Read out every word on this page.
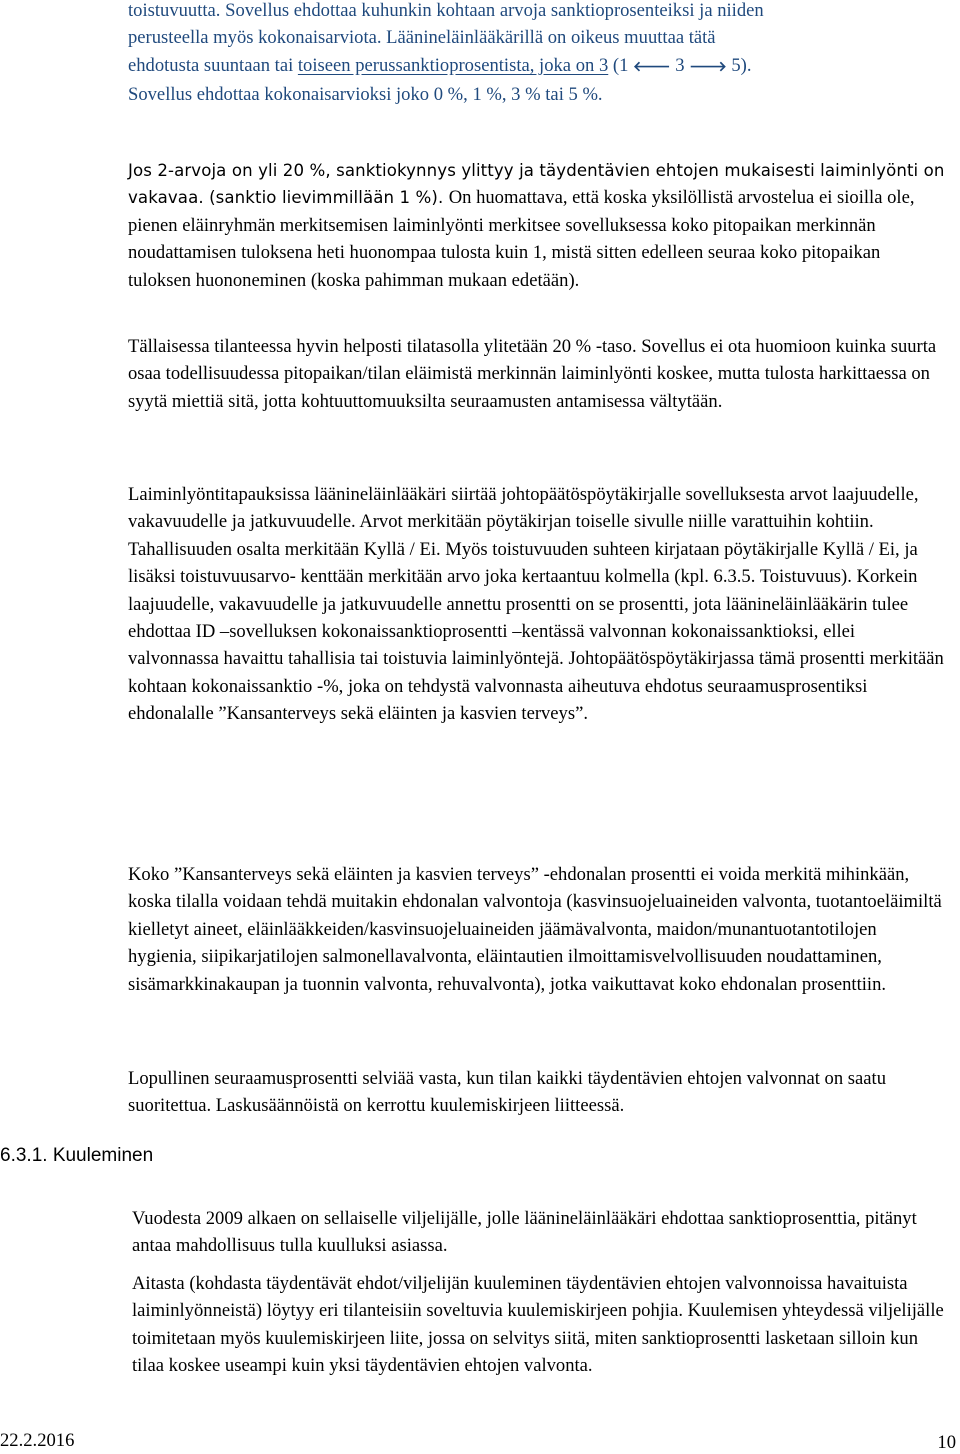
toistuvuutta. Sovellus ehdottaa kuhunkin kohtaan arvoja sanktioprosenteiksi ja niiden

perusteella myös kokonaisarviota. Läänineläinlääkärillä on oikeus muuttaa tätä

ehdotusta suuntaan tai toiseen perussanktioprosentista, joka on 3 (1 🡐 3 🡒 5).

Sovellus ehdottaa kokonaisarvioksi joko 0 %, 1 %, 3 % tai 5 %.

Jos 2-arvoja on yli 20 %, sanktiokynnys ylittyy ja täydentävien ehtojen mukaisesti laiminlyönti on vakavaa. (sanktio lievimmillään 1 %). On huomattava, että koska yksilöllistä arvostelua ei sioilla ole, pienen eläinryhmän merkitsemisen laiminlyönti merkitsee sovelluksessa koko pitopaikan merkinnän noudattamisen tuloksena heti huonompaa tulosta kuin 1, mistä sitten edelleen seuraa koko pitopaikan tuloksen huononeminen (koska pahimman mukaan edetään).

Tällaisessa tilanteessa hyvin helposti tilatasolla ylitetään 20 % -taso. Sovellus ei ota huomioon kuinka suurta osaa todellisuudessa pitopaikan/tilan eläimistä merkinnän laiminlyönti koskee, mutta tulosta harkittaessa on syytä miettiä sitä, jotta kohtuuttomuuksilta seuraamusten antamisessa vältytään.

Laiminlyöntitapauksissa läänineläinlääkäri siirtää johtopäätöspöytäkirjalle sovelluksesta arvot laajuudelle, vakavuudelle ja jatkuvuudelle. Arvot merkitään pöytäkirjan toiselle sivulle niille varattuihin kohtiin. Tahallisuuden osalta merkitään Kyllä / Ei. Myös toistuvuuden suhteen kirjataan pöytäkirjalle Kyllä / Ei, ja lisäksi toistuvuusarvo- kenttään merkitään arvo joka kertaantuu kolmella (kpl. 6.3.5. Toistuvuus). Korkein laajuudelle, vakavuudelle ja jatkuvuudelle annettu prosentti on se prosentti, jota läänineläinlääkärin tulee ehdottaa ID –sovelluksen kokonaissanktioprosentti –kentässä valvonnan kokonaissanktioksi, ellei valvonnassa havaittu tahallisia tai toistuvia laiminlyöntejä. Johtopäätöspöytäkirjassa tämä prosentti merkitään kohtaan kokonaissanktio -%, joka on tehdystä valvonnasta aiheutuva ehdotus seuraamusprosentiksi ehdonalalle ”Kansanterveys sekä eläinten ja kasvien terveys”.

Koko ”Kansanterveys sekä eläinten ja kasvien terveys” -ehdonalan prosentti ei voida merkitä mihinkään, koska tilalla voidaan tehdä muitakin ehdonalan valvontoja (kasvinsuojeluaineiden valvonta, tuotantoeläimiltä kielletyt aineet, eläinlääkkeiden/kasvinsuojeluaineiden jäämävalvonta, maidon/munantuotantotilojen hygienia, siipikarjatilojen salmonellavalvonta, eläintautien ilmoittamisvelvollisuuden noudattaminen, sisämarkkinakaupan ja tuonnin valvonta, rehuvalvonta), jotka vaikuttavat koko ehdonalan prosenttiin.

Lopullinen seuraamusprosentti selviää vasta, kun tilan kaikki täydentävien ehtojen valvonnat on saatu suoritettua. Laskusäännöistä on kerrottu kuulemiskirjeen liitteessä.

6.3.1. Kuuleminen

Vuodesta 2009 alkaen on sellaiselle viljelijälle, jolle läänineläinlääkäri ehdottaa sanktioprosenttia, pitänyt antaa mahdollisuus tulla kuulluksi asiassa.

Aitasta (kohdasta täydentävät ehdot/viljelijän kuuleminen täydentävien ehtojen valvonnoissa havaituista laiminlyönneistä) löytyy eri tilanteisiin soveltuvia kuulemiskirjeen pohjia. Kuulemisen yhteydessä viljelijälle toimitetaan myös kuulemiskirjeen liite, jossa on selvitys siitä, miten sanktioprosentti lasketaan silloin kun tilaa koskee useampi kuin yksi täydentävien ehtojen valvonta.

22.2.2016	10
